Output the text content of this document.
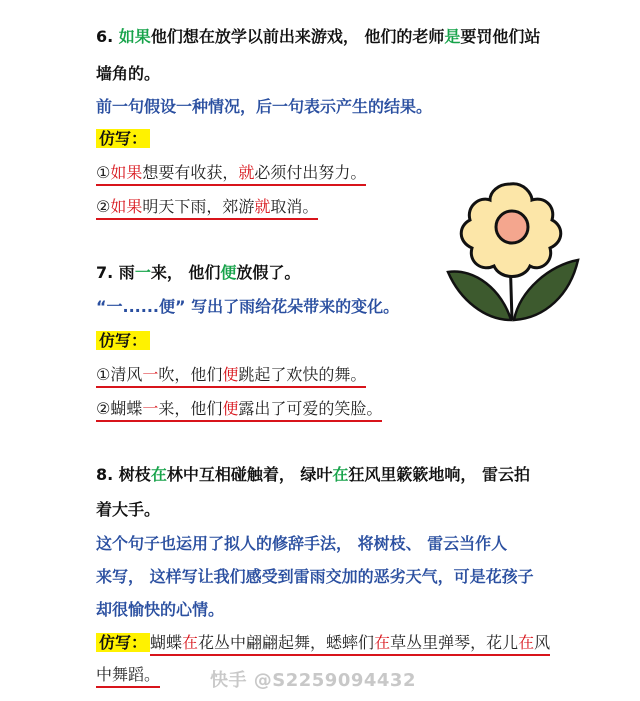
6. 如果他们想在放学以前出来游戏， 他们的老师是要罚他们站
墙角的。
前一句假设一种情况，后一句表示产生的结果。
仿写：
①如果想要有收获，就必须付出努力。
②如果明天下雨，郊游就取消。
7. 雨一来， 他们便放假了。
“一......便” 写出了雨给花朵带来的变化。
仿写：
①清风一吹，他们便跳起了欢快的舞。
②蝴蝶一来，他们便露出了可爱的笑脸。
8. 树枝在林中互相碰触着， 绿叶在狂风里簌簌地响， 雷云拍
着大手。
这个句子也运用了拟人的修辞手法， 将树枝、 雷云当作人
来写， 这样写让我们感受到雷雨交加的恶劣天气，可是花孩子
却很愉快的心情。
仿写： 蝴蝶在花丛中翩翩起舞，蟋蟀们在草丛里弹琴，花儿在风
中舞蹈。	快手 @S2259094432
